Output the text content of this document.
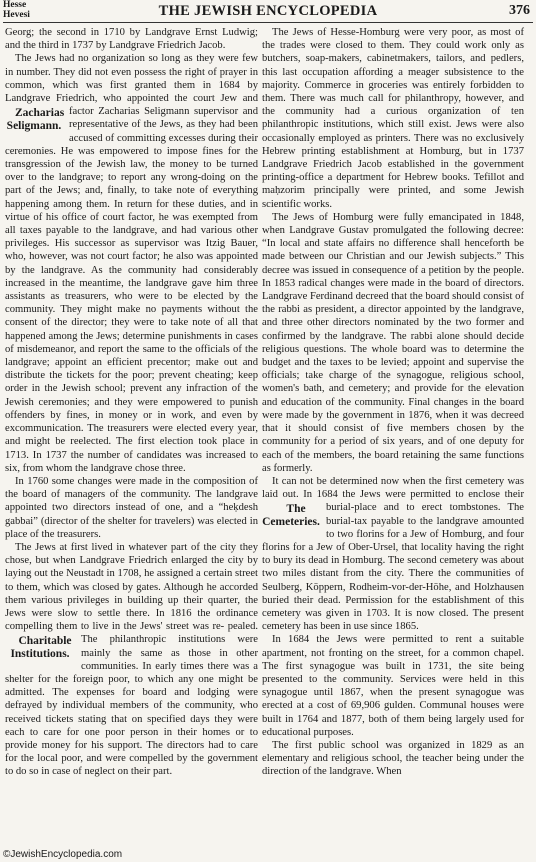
Hesse
Hevesi	THE JEWISH ENCYCLOPEDIA	376

Georg; the second in 1710 by Landgrave Ernst Ludwig; and the third in 1737 by Landgrave Friedrich Jacob.

The Jews had no organization so long as they were few in number. They did not even possess the right of prayer in common, which was first granted them in 1684 by Landgrave Friedrich, who appointed the court Jew and factor Zacharias
Zacharias Seligmann.
Seligmann supervisor and representative of the Jews, as they had been accused of committing excesses during their ceremonies. He was empowered to impose fines for the transgression of the Jewish law, the money to be turned over to the landgrave; to report any wrong-doing on the part of the Jews; and, finally, to take note of everything happening among them. In return for these duties, and in virtue of his office of court factor, he was exempted from all taxes payable to the landgrave, and had various other privileges. His successor as supervisor was Itzig Bauer, who, however, was not court factor; he also was appointed by the landgrave. As the community had considerably increased in the meantime, the landgrave gave him three assistants as treasurers, who were to be elected by the community. They might make no payments without the consent of the director; they were to take note of all that happened among the Jews; determine punishments in cases of misdemeanor, and report the same to the officials of the landgrave; appoint an efficient precentor; make out and distribute the tickets for the poor; prevent cheating; keep order in the Jewish school; prevent any infraction of the Jewish ceremonies; and they were empowered to punish offenders by fines, in money or in work, and even by excommunication. The treasurers were elected every year, and might be reelected. The first election took place in 1713. In 1737 the number of candidates was increased to six, from whom the landgrave chose three.

In 1760 some changes were made in the composition of the board of managers of the community. The landgrave appointed two directors instead of one, and a “heḳdesh gabbai” (director of the shelter for travelers) was elected in place of the treasurers.

The Jews at first lived in whatever part of the city they chose, but when Landgrave Friedrich enlarged the city by laying out the Neustadt in 1708, he assigned a certain street to them, which was closed by gates. Although he accorded them various privileges in building up their quarter, the Jews were slow to settle there. In 1816 the ordinance compelling them to live in the Jews' street was re-
Charitable Institutions.
pealed. The philanthropic institutions were mainly the same as those in other communities. In early times there was a shelter for the foreign poor, to which any one might be admitted. The expenses for board and lodging were defrayed by individual members of the community, who received tickets stating that on specified days they were each to care for one poor person in their homes or to provide money for his support. The directors had to care for the local poor, and were compelled by the government to do so in case of neglect on their part.

The Jews of Hesse-Homburg were very poor, as most of the trades were closed to them. They could work only as butchers, soap-makers, cabinetmakers, tailors, and pedlers, this last occupation affording a meager subsistence to the majority. Commerce in groceries was entirely forbidden to them. There was much call for philanthropy, however, and the community had a curious organization of ten philanthropic institutions, which still exist. Jews were also occasionally employed as printers. There was no exclusively Hebrew printing establishment at Homburg, but in 1737 Landgrave Friedrich Jacob established in the government printing-office a department for Hebrew books. Tefillot and maḥzorim principally were printed, and some Jewish scientific works.

The Jews of Homburg were fully emancipated in 1848, when Landgrave Gustav promulgated the following decree: “In local and state affairs no difference shall henceforth be made between our Christian and our Jewish subjects.” This decree was issued in consequence of a petition by the people. In 1853 radical changes were made in the board of directors. Landgrave Ferdinand decreed that the board should consist of the rabbi as president, a director appointed by the landgrave, and three other directors nominated by the two former and confirmed by the landgrave. The rabbi alone should decide religious questions. The whole board was to determine the budget and the taxes to be levied; appoint and supervise the officials; take charge of the synagogue, religious school, women's bath, and cemetery; and provide for the elevation and education of the community. Final changes in the board were made by the government in 1876, when it was decreed that it should consist of five members chosen by the community for a period of six years, and of one deputy for each of the members, the board retaining the same functions as formerly.

It can not be determined now when the first cemetery was laid out. In 1684 the Jews were permitted to enclose their burial-place and to
The Cemeteries.
erect tombstones. The burial-tax payable to the landgrave amounted to two florins for a Jew of Homburg, and four florins for a Jew of Ober-Ursel, that locality having the right to bury its dead in Homburg. The second cemetery was about two miles distant from the city. There the communities of Seulberg, Köppern, Rodheim-vor-der-Höhe, and Holzhausen buried their dead. Permission for the establishment of this cemetery was given in 1703. It is now closed. The present cemetery has been in use since 1865.

In 1684 the Jews were permitted to rent a suitable apartment, not fronting on the street, for a common chapel. The first synagogue was built in 1731, the site being presented to the community. Services were held in this synagogue until 1867, when the present synagogue was erected at a cost of 69,906 gulden. Communal houses were built in 1764 and 1877, both of them being largely used for educational purposes.

The first public school was organized in 1829 as an elementary and religious school, the teacher being under the direction of the landgrave. When

©JewishEncyclopedia.com
